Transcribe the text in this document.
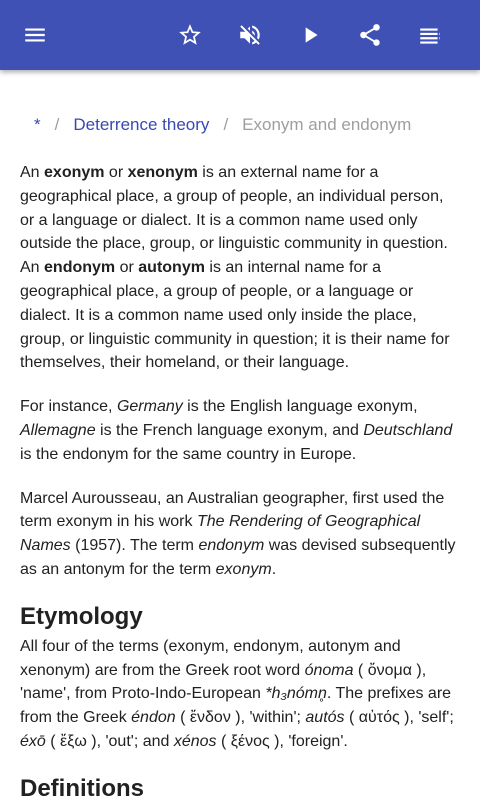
* / Deterrence theory / Exonym and endonym

An exonym or xenonym is an external name for a geographical place, a group of people, an individual person, or a language or dialect. It is a common name used only outside the place, group, or linguistic community in question. An endonym or autonym is an internal name for a geographical place, a group of people, or a language or dialect. It is a common name used only inside the place, group, or linguistic community in question; it is their name for themselves, their homeland, or their language.

For instance, Germany is the English language exonym, Allemagne is the French language exonym, and Deutschland is the endonym for the same country in Europe.

Marcel Aurousseau, an Australian geographer, first used the term exonym in his work The Rendering of Geographical Names (1957). The term endonym was devised subsequently as an antonym for the term exonym.

Etymology

All four of the terms (exonym, endonym, autonym and xenonym) are from the Greek root word ónoma ( ὄνομα ), 'name', from Proto-Indo-European *h₃nómn̥. The prefixes are from the Greek éndon ( ἔνδον ), 'within'; autós ( αὐτός ), 'self'; éxō ( ἔξω ), 'out'; and xénos ( ξένος ), 'foreign'.

Definitions
